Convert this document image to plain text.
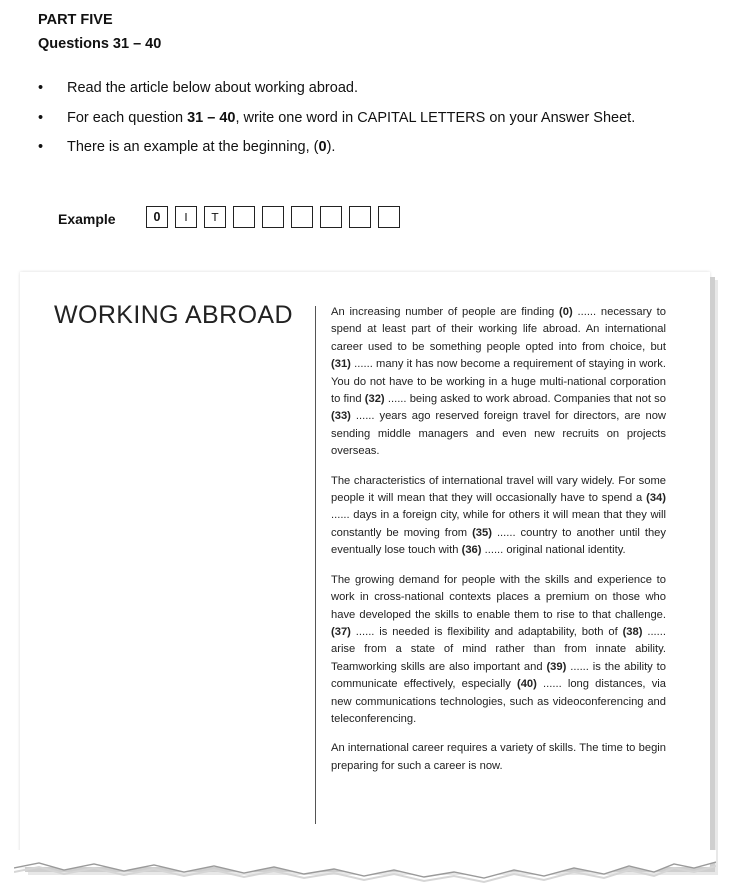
PART FIVE
Questions 31 – 40
• Read the article below about working abroad.
• For each question 31 – 40, write one word in CAPITAL LETTERS on your Answer Sheet.
• There is an example at the beginning, (0).
Example	0	I	T
WORKING ABROAD	An increasing number of people are finding (0) ...... necessary to spend at least part of their working life abroad. An international career used to be something people opted into from choice, but (31) ...... many it has now become a requirement of staying in work. You do not have to be working in a huge multi-national corporation to find (32) ...... being asked to work abroad. Companies that not so (33) ...... years ago reserved foreign travel for directors, are now sending middle managers and even new recruits on projects overseas.

The characteristics of international travel will vary widely. For some people it will mean that they will occasionally have to spend a (34) ...... days in a foreign city, while for others it will mean that they will constantly be moving from (35) ...... country to another until they eventually lose touch with (36) ...... original national identity.

The growing demand for people with the skills and experience to work in cross-national contexts places a premium on those who have developed the skills to enable them to rise to that challenge. (37) ...... is needed is flexibility and adaptability, both of (38) ...... arise from a state of mind rather than from innate ability. Teamworking skills are also important and (39) ...... is the ability to communicate effectively, especially (40) ...... long distances, via new communications technologies, such as videoconferencing and teleconferencing.

An international career requires a variety of skills. The time to begin preparing for such a career is now.
